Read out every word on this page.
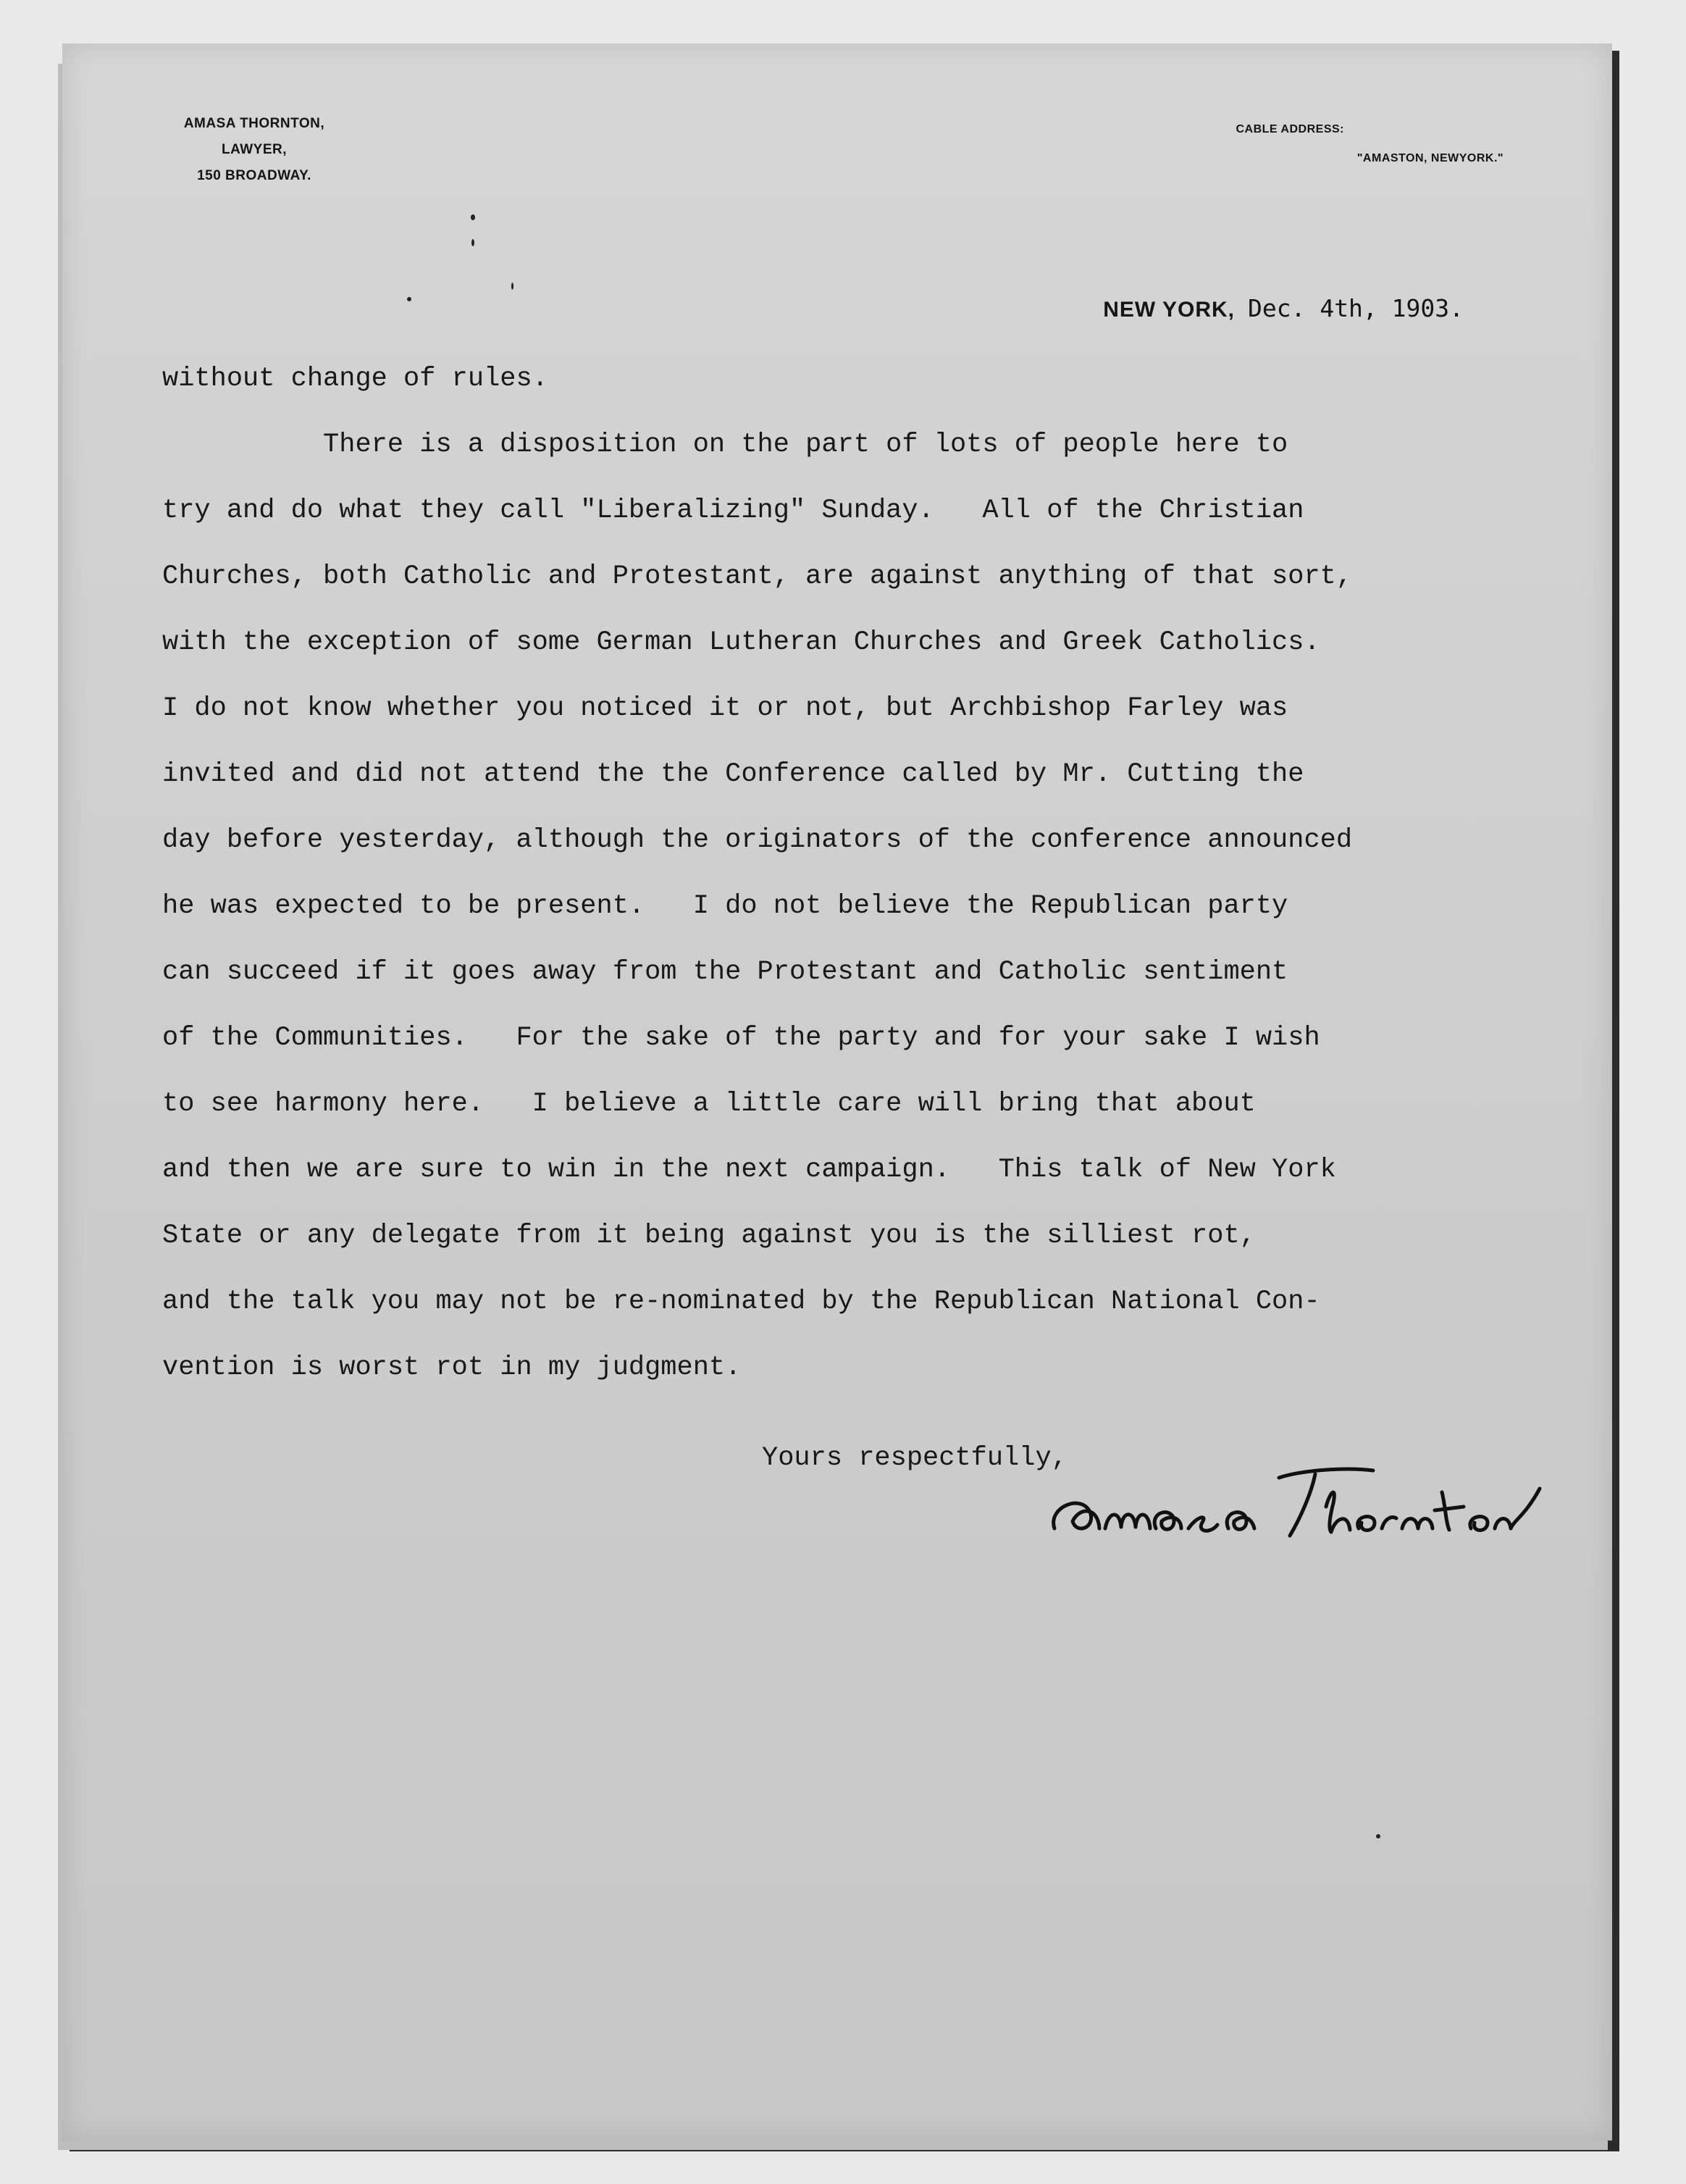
AMASA THORNTON,
LAWYER,
150 BROADWAY.
CABLE ADDRESS:
"AMASTON, NEWYORK."
NEW YORK, Dec. 4th, 1903.
without change of rules.
There is a disposition on the part of lots of people here to
try and do what they call "Liberalizing" Sunday.   All of the Christian
Churches, both Catholic and Protestant, are against anything of that sort,
with the exception of some German Lutheran Churches and Greek Catholics.
I do not know whether you noticed it or not, but Archbishop Farley was
invited and did not attend the the Conference called by Mr. Cutting the
day before yesterday, although the originators of the conference announced
he was expected to be present.   I do not believe the Republican party
can succeed if it goes away from the Protestant and Catholic sentiment
of the Communities.   For the sake of the party and for your sake I wish
to see harmony here.   I believe a little care will bring that about
and then we are sure to win in the next campaign.   This talk of New York
State or any delegate from it being against you is the silliest rot,
and the talk you may not be re-nominated by the Republican National Con-
vention is worst rot in my judgment.
Yours respectfully,
